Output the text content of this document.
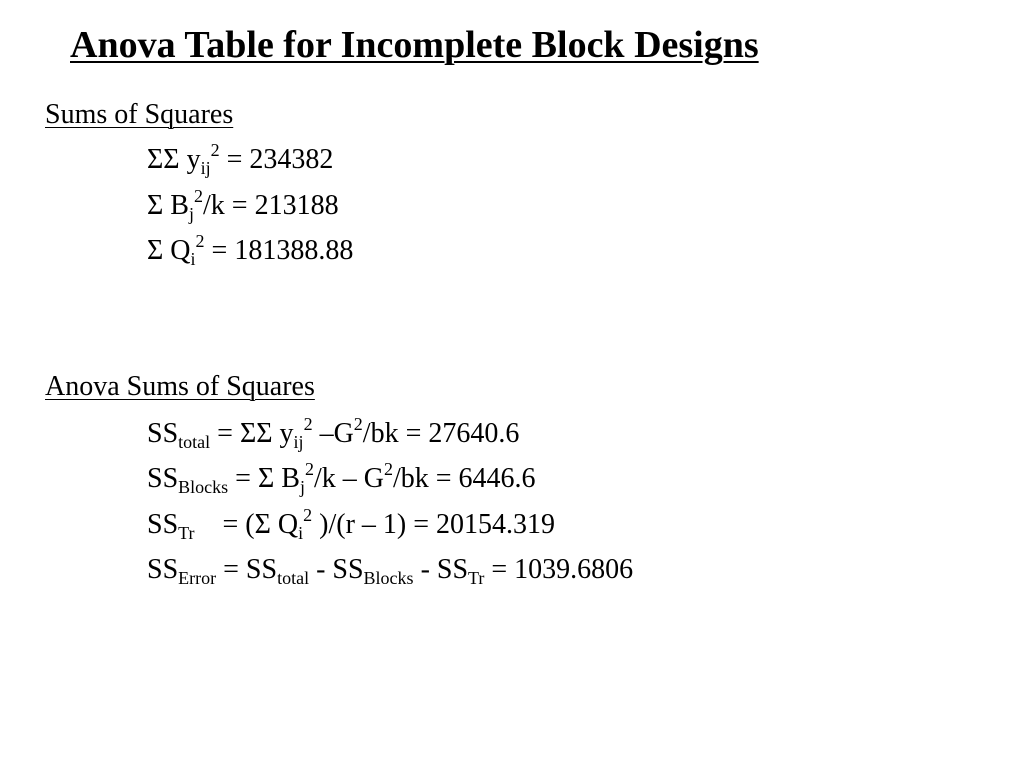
Anova Table for Incomplete Block Designs
Sums of Squares
ΣΣ $y_{ij}^2 = 234382$
Σ $B_j^2/k = 213188$
Σ $Q_i^2 = 181388.88$
Anova Sums of Squares
$SS_{total} = \Sigma\Sigma$ $y_{ij}^2$ $-G^2/bk = 27640.6$
$SS_{Blocks} = \Sigma$ $B_j^2/k - G^2/bk = 6446.6$
$SS_{Tr} = (\Sigma$ $Q_i^2$ )/(r – 1) = 20154.319
$SS_{Error} = SS_{total} - SS_{Blocks} - SS_{Tr} = 1039.6806$
